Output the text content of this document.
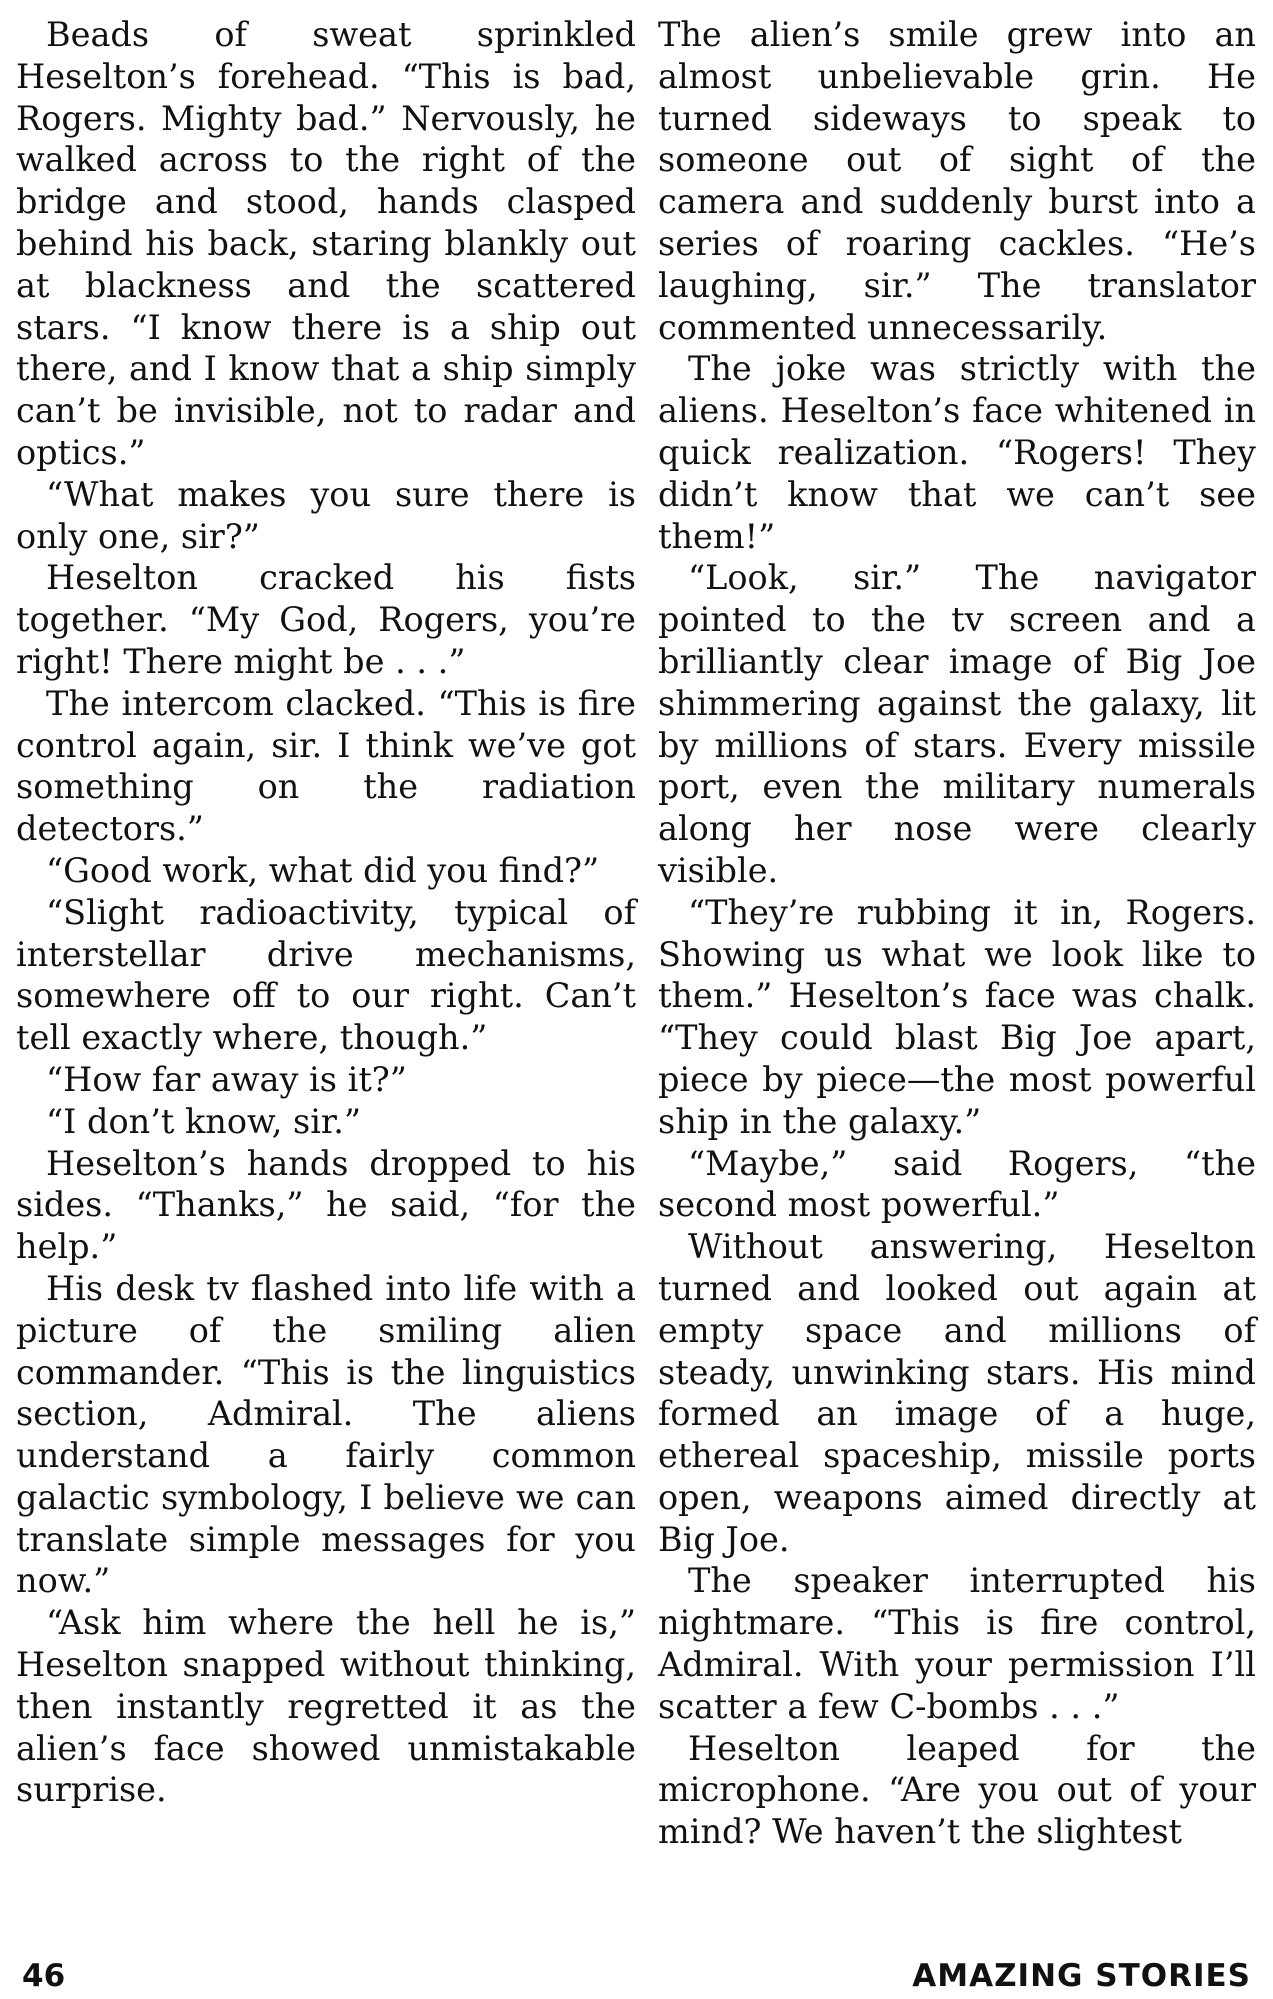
Beads of sweat sprinkled Heselton’s forehead. “This is bad, Rogers. Mighty bad.” Nervously, he walked across to the right of the bridge and stood, hands clasped behind his back, staring blankly out at blackness and the scattered stars. “I know there is a ship out there, and I know that a ship simply can’t be invisible, not to radar and optics.”

“What makes you sure there is only one, sir?”

Heselton cracked his fists together. “My God, Rogers, you’re right! There might be . . .”

The intercom clacked. “This is fire control again, sir. I think we’ve got something on the radiation detectors.”

“Good work, what did you find?”

“Slight radioactivity, typical of interstellar drive mechanisms, somewhere off to our right. Can’t tell exactly where, though.”

“How far away is it?”

“I don’t know, sir.”

Heselton’s hands dropped to his sides. “Thanks,” he said, “for the help.”

His desk tv flashed into life with a picture of the smiling alien commander. “This is the linguistics section, Admiral. The aliens understand a fairly common galactic symbology, I believe we can translate simple messages for you now.”

“Ask him where the hell he is,” Heselton snapped without thinking, then instantly regretted it as the alien’s face showed unmistakable surprise.

The alien’s smile grew into an almost unbelievable grin. He turned sideways to speak to someone out of sight of the camera and suddenly burst into a series of roaring cackles. “He’s laughing, sir.” The translator commented unnecessarily.

The joke was strictly with the aliens. Heselton’s face whitened in quick realization. “Rogers! They didn’t know that we can’t see them!”

“Look, sir.” The navigator pointed to the tv screen and a brilliantly clear image of Big Joe shimmering against the galaxy, lit by millions of stars. Every missile port, even the military numerals along her nose were clearly visible.

“They’re rubbing it in, Rogers. Showing us what we look like to them.” Heselton’s face was chalk. “They could blast Big Joe apart, piece by piece—the most powerful ship in the galaxy.”

“Maybe,” said Rogers, “the second most powerful.”

Without answering, Heselton turned and looked out again at empty space and millions of steady, unwinking stars. His mind formed an image of a huge, ethereal spaceship, missile ports open, weapons aimed directly at Big Joe.

The speaker interrupted his nightmare. “This is fire control, Admiral. With your permission I’ll scatter a few C-bombs . . .”

Heselton leaped for the microphone. “Are you out of your mind? We haven’t the slightest

46	AMAZING STORIES
